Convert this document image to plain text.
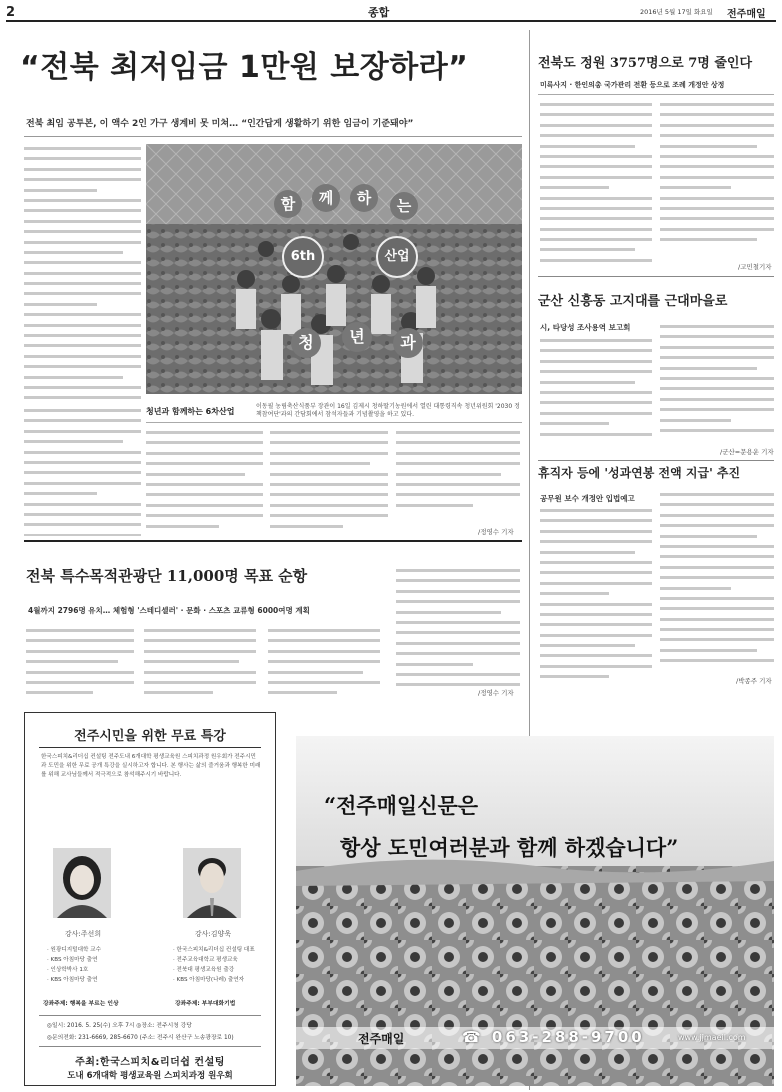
2	종합	2016년 5월 17일 화요일 전주매일
“전북 최저임금 1만원 보장하라”
전북 최임 공투본, 이 액수 2인 가구 생계비 못 미쳐… “인간답게 생활하기 위한 임금이 기준돼야”
함	께	하	는
6th	산업
청	년	과
청년과 함께하는 6차산업
이동필 농림축산식품부 장관이 16일 김제시 청하딸기농원에서 열린 대통령직속 청년위원회 '2030 정책참여단'과의 간담회에서 참석자들과 기념촬영을 하고 있다.
/정영수 기자
전북도 정원 3757명으로 7명 줄인다
미륵사지 · 한인의총 국가관리 전환 등으로 조례 개정안 상정
/고민철기자
군산 신흥동 고지대를 근대마을로
시, 타당성 조사용역 보고회
/군산=문용운 기자
휴직자 등에 '성과연봉 전액 지급' 추진
공무원 보수 개정안 입법예고
/박종주 기자
전북 특수목적관광단 11,000명 목표 순항
4월까지 2796명 유치… 체험형 '스테디셀러' · 문화 · 스포츠 교류형 6000여명 계획
/정영수 기자
전주시민을 위한 무료 특강
한국스피치&리더십 컨설팅 전주도내 6개대학 평생교육원 스피치과정 원우회가 전주시민과 도민을 위한 무료 공개 특강을 실시하고자 합니다. 본 행사는 삶의 즐거움과 행복한 미래를 위해 교사님들께서 적극적으로 참석해주시기 바랍니다.
강사:주선희
· 원광디지털대학 교수
· KBS 아침마당 출연
· 인상학박사 1호
· KBS 아침마당 출연
강좌주제: 행복을 부르는 인상
강사:김양욱
· 한국스피치&리더십 컨설팅 대표
· 전주교육대학교 평생교육
· 전북대 평생교육원 출강
· KBS 아침마당(나레) 출연자
강좌주제: 부부대화기법
◎일시: 2016. 5. 25(수) 오후 7시 ◎장소: 전주시청 강당
◎문의전화: 231-6669, 285-6670 (주소: 전주시 완산구 노송광장로 10)
주최:한국스피치&리더쉽 컨설팅
도내 6개대학 평생교육원 스피치과정 원우회
“전주매일신문은
항상 도민여러분과 함께 하겠습니다”
전주매일	☎ 063-288-9700	www.jjmaeil.com
